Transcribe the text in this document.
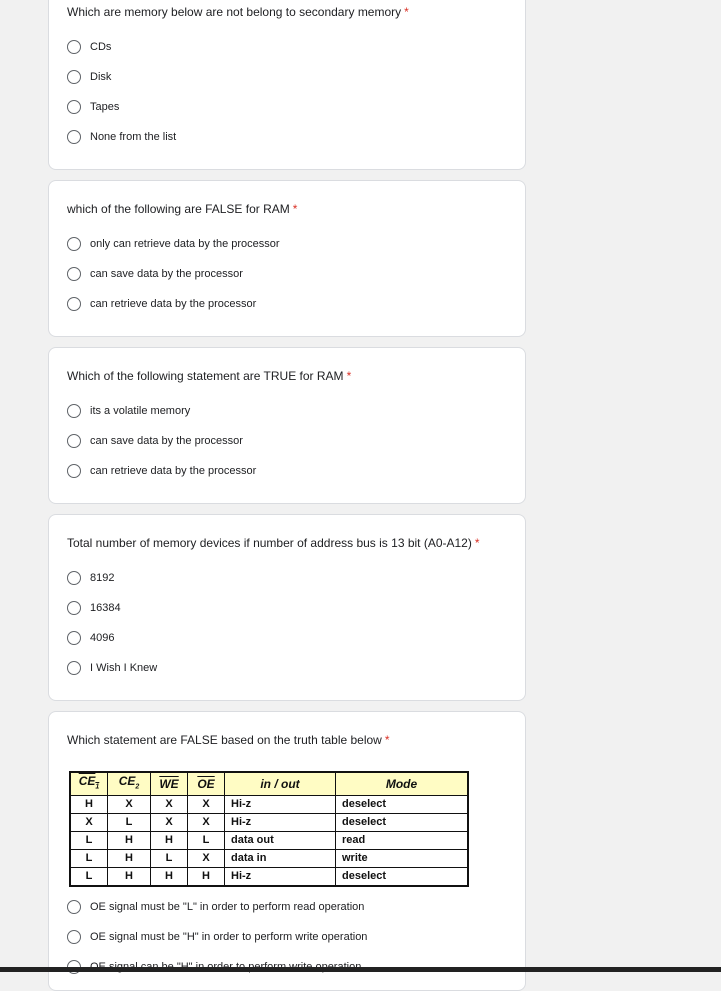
Which are memory below are not belong to secondary memory *
CDs
Disk
Tapes
None from the list
which of the following are FALSE for RAM *
only can retrieve data by the processor
can save data by the processor
can retrieve data by the processor
Which of the following statement are TRUE for RAM *
its a volatile memory
can save data by the processor
can retrieve data by the processor
Total number of memory devices if number of address bus is 13 bit (A0-A12) *
8192
16384
4096
I Wish I Knew
Which statement are FALSE based on the truth table below *
$CE_1$	$CE_2$	$\overline{WE}$	$\overline{OE}$	in / out	Mode
H	X	X	X	Hi-z	deselect
X	L	X	X	Hi-z	deselect
L	H	H	L	data out	read
L	H	L	X	data in	write
L	H	H	H	Hi-z	deselect
OE signal must be "L" in order to perform read operation
OE signal must be "H" in order to perform write operation
